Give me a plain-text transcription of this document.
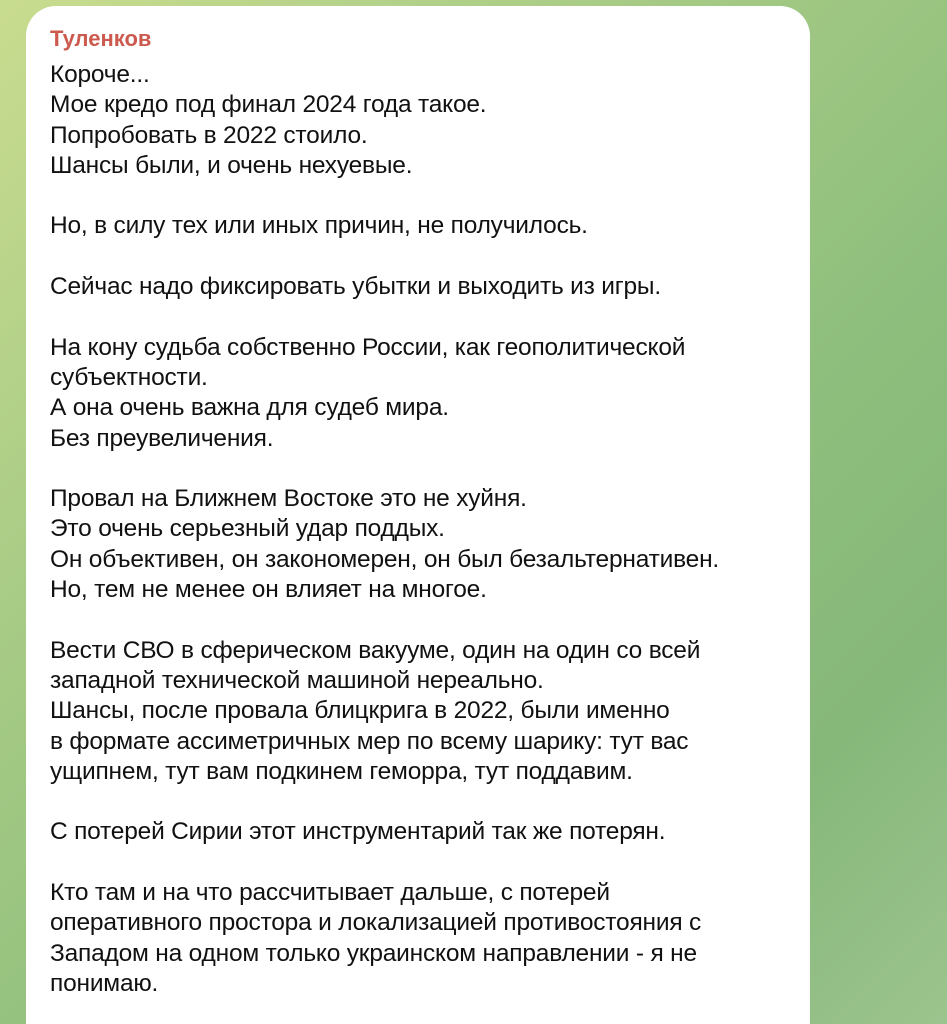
Туленков
Короче...
Мое кредо под финал 2024 года такое.
Попробовать в 2022 стоило.
Шансы были, и очень нехуевые.
Но, в силу тех или иных причин, не получилось.
Сейчас надо фиксировать убытки и выходить из игры.
На кону судьба собственно России, как геополитической
субъектности.
А она очень важна для судеб мира.
Без преувеличения.
Провал на Ближнем Востоке это не хуйня.
Это очень серьезный удар поддых.
Он объективен, он закономерен, он был безальтернативен.
Но, тем не менее он влияет на многое.
Вести СВО в сферическом вакууме, один на один со всей
западной технической машиной нереально.
Шансы, после провала блицкрига в 2022, были именно
в формате ассиметричных мер по всему шарику: тут вас
ущипнем, тут вам подкинем геморра, тут поддавим.
С потерей Сирии этот инструментарий так же потерян.
Кто там и на что рассчитывает дальше, с потерей
оперативного простора и локализацией противостояния с
Западом на одном только украинском направлении - я не
понимаю.
